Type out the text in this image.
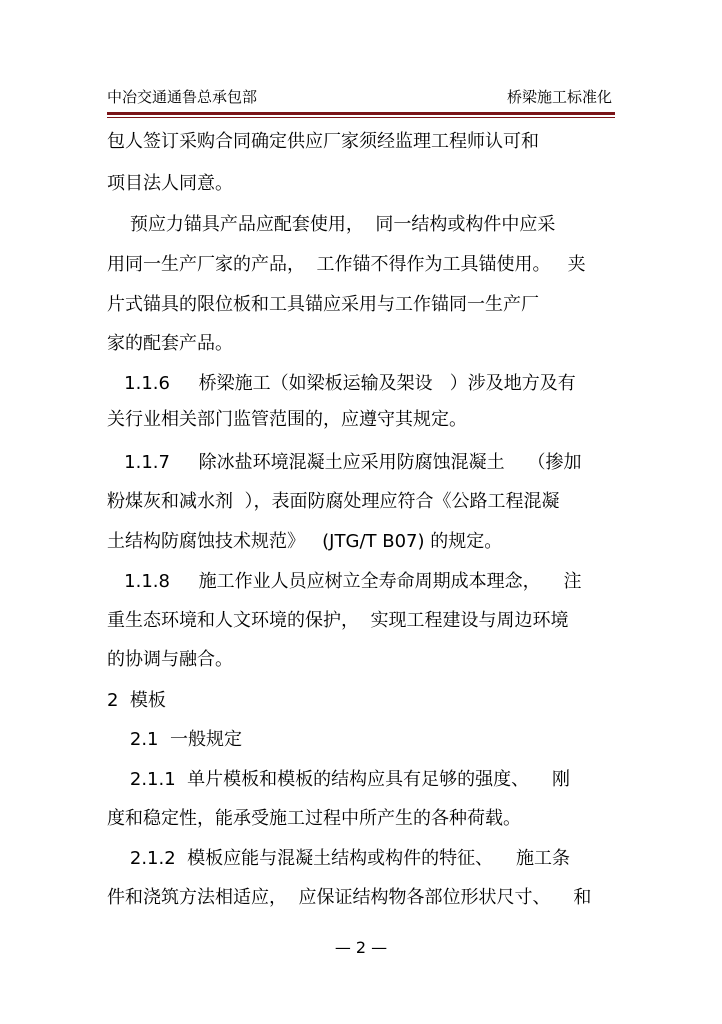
中冶交通通鲁总承包部	桥梁施工标准化
包人签订采购合同确定供应厂家须经监理工程师认可和
项目法人同意。
预应力锚具产品应配套使用，  同一结构或构件中应采
用同一生产厂家的产品，  工作锚不得作为工具锚使用。   夹
片式锚具的限位板和工具锚应采用与工作锚同一生产厂
家的配套产品。
1.1.6     桥梁施工（如梁板运输及架设   ）涉及地方及有
关行业相关部门监管范围的，应遵守其规定。
1.1.7     除冰盐环境混凝土应采用防腐蚀混凝土    （掺加
粉煤灰和减水剂  ），表面防腐处理应符合《公路工程混凝
土结构防腐蚀技术规范》   (JTG/T B07) 的规定。
1.1.8     施工作业人员应树立全寿命周期成本理念，    注
重生态环境和人文环境的保护，  实现工程建设与周边环境
的协调与融合。
2  模板
2.1  一般规定
2.1.1  单片模板和模板的结构应具有足够的强度、    刚
度和稳定性，能承受施工过程中所产生的各种荷载。
2.1.2  模板应能与混凝土结构或构件的特征、    施工条
件和浇筑方法相适应，  应保证结构物各部位形状尺寸、    和
— 2 —
